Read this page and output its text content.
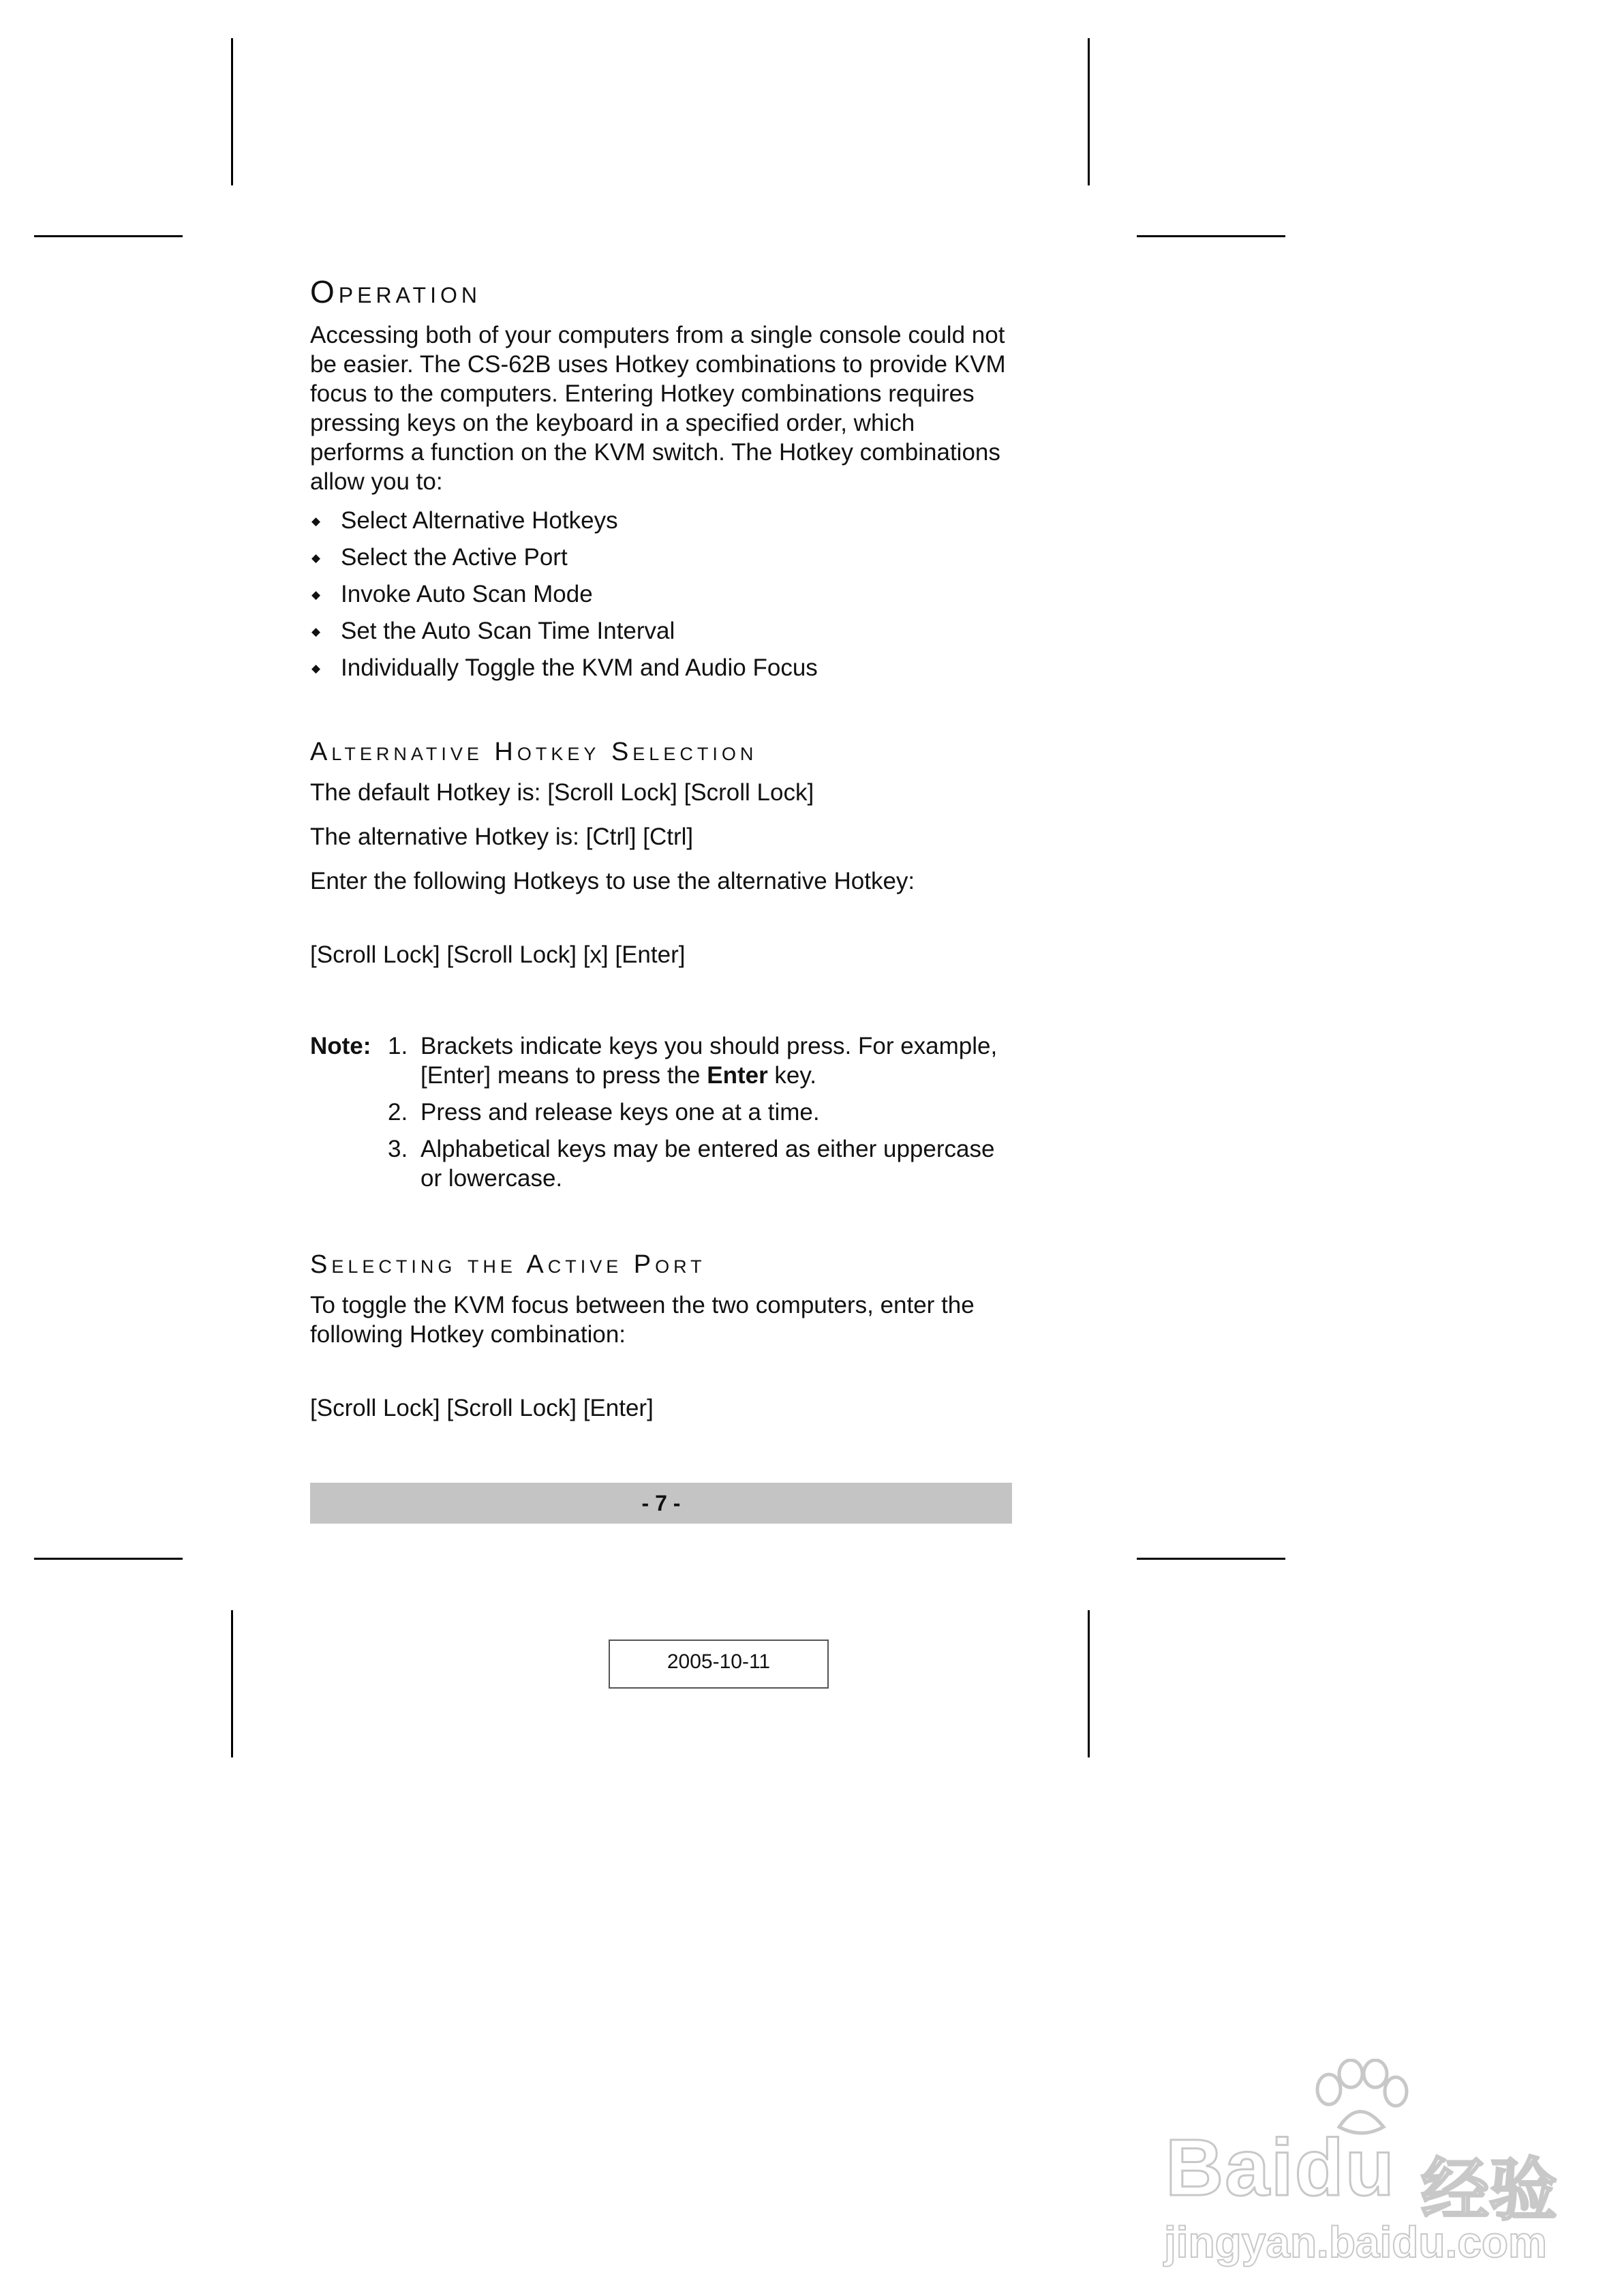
Operation

Accessing both of your computers from a single console could not be easier. The CS-62B uses Hotkey combinations to provide KVM focus to the computers. Entering Hotkey combinations requires pressing keys on the keyboard in a specified order, which performs a function on the KVM switch. The Hotkey combinations allow you to:

◆ Select Alternative Hotkeys
◆ Select the Active Port
◆ Invoke Auto Scan Mode
◆ Set the Auto Scan Time Interval
◆ Individually Toggle the KVM and Audio Focus
Alternative Hotkey Selection

The default Hotkey is: [Scroll Lock] [Scroll Lock]

The alternative Hotkey is: [Ctrl] [Ctrl]

Enter the following Hotkeys to use the alternative Hotkey:

[Scroll Lock] [Scroll Lock] [x] [Enter]

Note: 1. Brackets indicate keys you should press. For example, [Enter] means to press the Enter key.
2. Press and release keys one at a time.
3. Alphabetical keys may be entered as either uppercase or lowercase.
Selecting the Active Port

To toggle the KVM focus between the two computers, enter the following Hotkey combination:

[Scroll Lock] [Scroll Lock] [Enter]

- 7 -
2005-10-11
Baidu 经验
jingyan.baidu.com
